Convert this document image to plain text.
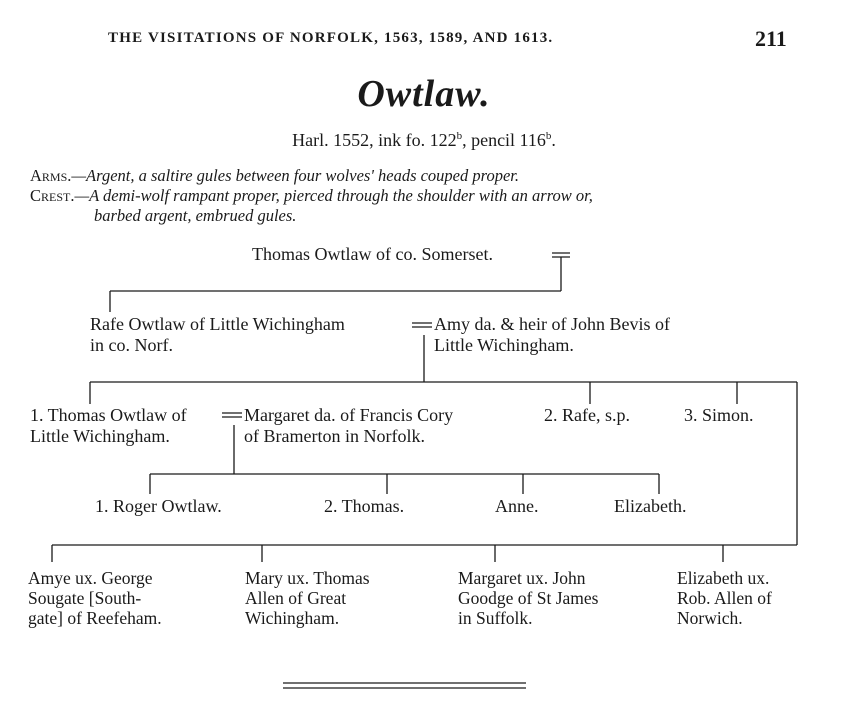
THE VISITATIONS OF NORFOLK, 1563, 1589, AND 1613.	211
Owtlaw.
Harl. 1552, ink fo. 122$^b$, pencil 116$^b$.
Arms.—Argent, a saltire gules between four wolves' heads couped proper.
Crest.—A demi-wolf rampant proper, pierced through the shoulder with an arrow or,
barbed argent, embrued gules.
Thomas Owtlaw of co. Somerset.
Rafe Owtlaw of Little Wichingham
in co. Norf.
Amy da. & heir of John Bevis of
Little Wichingham.
1. Thomas Owtlaw of
Little Wichingham.
Margaret da. of Francis Cory
of Bramerton in Norfolk.
2. Rafe, s.p.	3. Simon.
1. Roger Owtlaw.	2. Thomas.	Anne.	Elizabeth.
Amye ux. George
Sougate [South-
gate] of Reefeham.
Mary ux. Thomas
Allen of Great
Wichingham.
Margaret ux. John
Goodge of St James
in Suffolk.
Elizabeth ux.
Rob. Allen of
Norwich.
